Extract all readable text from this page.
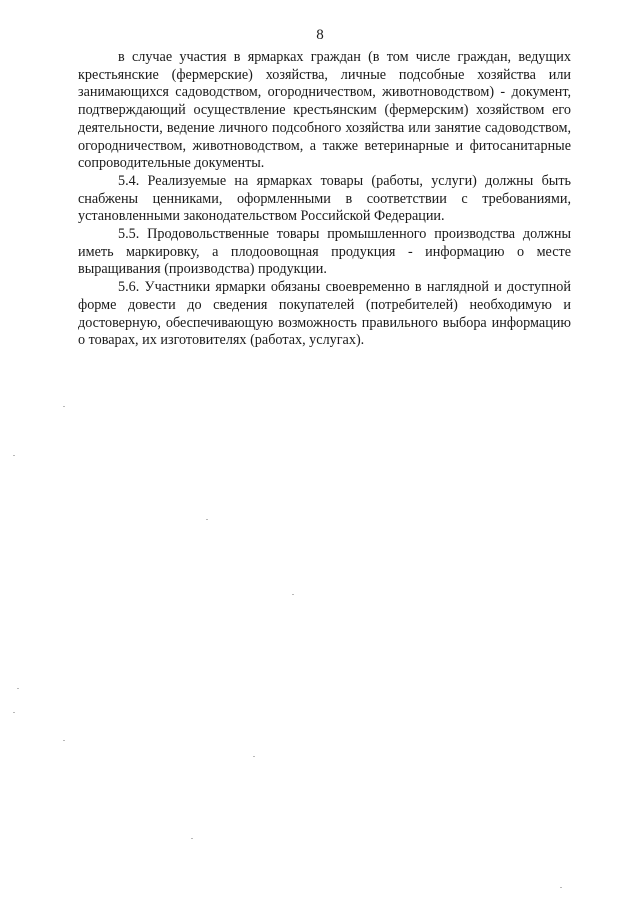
8

в случае участия в ярмарках граждан (в том числе граждан, ведущих крестьянские (фермерские) хозяйства, личные подсобные хозяйства или занимающихся садоводством, огородничеством, животноводством) - документ, подтверждающий осуществление крестьянским (фермерским) хозяйством его деятельности, ведение личного подсобного хозяйства или занятие садоводством, огородничеством, животноводством, а также ветеринарные и фитосанитарные сопроводительные документы.

5.4. Реализуемые на ярмарках товары (работы, услуги) должны быть снабжены ценниками, оформленными в соответствии с требованиями, установленными законодательством Российской Федерации.

5.5. Продовольственные товары промышленного производства должны иметь маркировку, а плодоовощная продукция - информацию о месте выращивания (производства) продукции.

5.6. Участники ярмарки обязаны своевременно в наглядной и доступной форме довести до сведения покупателей (потребителей) необходимую и достоверную, обеспечивающую возможность правильного выбора информацию о товарах, их изготовителях (работах, услугах).
